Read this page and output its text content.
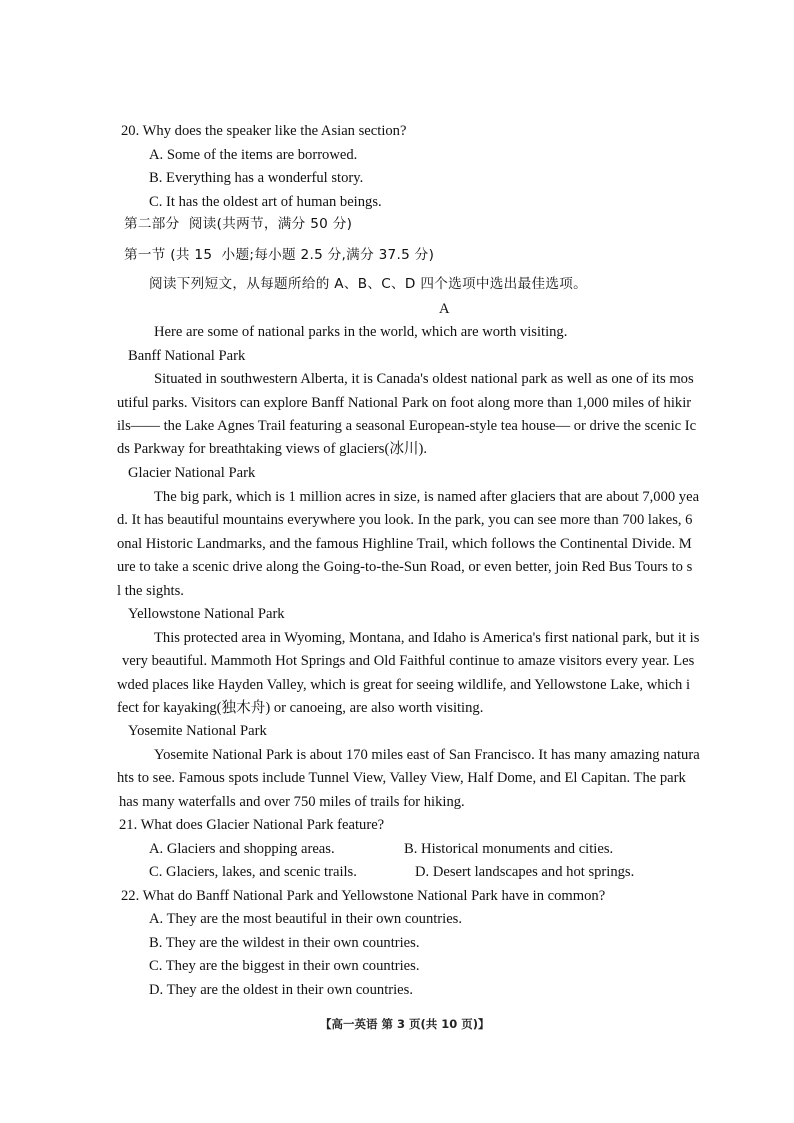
20. Why does the speaker like the Asian section?
A. Some of the items are borrowed.
B. Everything has a wonderful story.
C. It has the oldest art of human beings.
第二部分  阅读(共两节，满分 50 分)
第一节 (共 15  小题;每小题 2.5 分,满分 37.5 分)
阅读下列短文，从每题所给的 A、B、C、D 四个选项中选出最佳选项。
A
Here are some of national parks in the world, which are worth visiting.
Banff National Park
Situated in southwestern Alberta, it is Canada's oldest national park as well as one of its mos
utiful parks. Visitors can explore Banff National Park on foot along more than 1,000 miles of hikir
ils—— the Lake Agnes Trail featuring a seasonal European-style tea house— or drive the scenic Ic
ds Parkway for breathtaking views of glaciers(冰川).
Glacier National Park
The big park, which is 1 million acres in size, is named after glaciers that are about 7,000 yea
d. It has beautiful mountains everywhere you look. In the park, you can see more than 700 lakes, 6
onal Historic Landmarks, and the famous Highline Trail, which follows the Continental Divide. M
ure to take a scenic drive along the Going-to-the-Sun Road, or even better, join Red Bus Tours to s
l the sights.
Yellowstone National Park
This protected area in Wyoming, Montana, and Idaho is America's first national park, but it is
very beautiful. Mammoth Hot Springs and Old Faithful continue to amaze visitors every year. Les
wded places like Hayden Valley, which is great for seeing wildlife, and Yellowstone Lake, which i
fect for kayaking(独木舟) or canoeing, are also worth visiting.
Yosemite National Park
Yosemite National Park is about 170 miles east of San Francisco. It has many amazing natura
hts to see. Famous spots include Tunnel View, Valley View, Half Dome, and El Capitan. The park
has many waterfalls and over 750 miles of trails for hiking.
21. What does Glacier National Park feature?
A. Glaciers and shopping areas.	B. Historical monuments and cities.
C. Glaciers, lakes, and scenic trails.	D. Desert landscapes and hot springs.
22. What do Banff National Park and Yellowstone National Park have in common?
A. They are the most beautiful in their own countries.
B. They are the wildest in their own countries.
C. They are the biggest in their own countries.
D. They are the oldest in their own countries.
【高一英语 第 3 页(共 10 页)】
